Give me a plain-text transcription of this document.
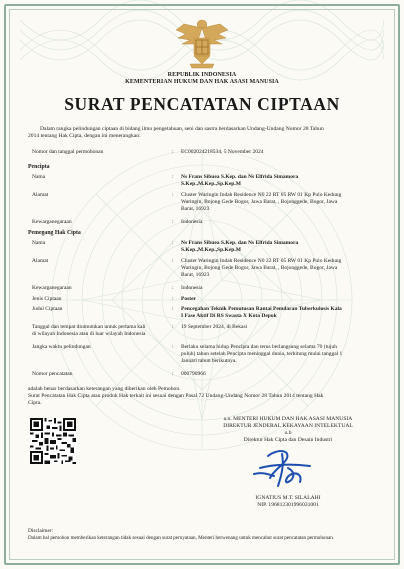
REPUBLIK INDONESIA
KEMENTERIAN HUKUM DAN HAK ASASI MANUSIA
SURAT PENCATATAN CIPTAAN
Dalam rangka pelindungan ciptaan di bidang ilmu pengetahuan, seni dan sastra berdasarkan Undang-Undang Nomor 28 Tahun
2014 tentang Hak Cipta, dengan ini menerangkan:
Nomor dan tanggal permohonan	: EC002024218534, 5 November 2024
Pencipta
Nama	: Ns Frans Sibuea S.Kep. dan Ns Elfrida Simamora
S.Kep.,M.Kep.,Sp.Kep.M
Alamat	: Cluster Waringin Indah Residence N0 22 RT 05 RW 01 Kp Pulo Kedung
Waringin, Bojong Gede Bogor, Jawa Barat, , Bojonggede, Bogor, Jawa
Barat, 16923
Kewarganegaraan	: Indonesia
Pemegang Hak Cipta
Nama	: Ns Frans Sibuea S.Kep. dan Ns Elfrida Simamora
S.Kep.,M.Kep.,Sp.Kep.M
Alamat	: Cluster Waringin Indah Residence N0 22 RT 05 RW 01 Kp Pulo Kedung
Waringin, Bojong Gede Bogor, Jawa Barat, , Bojonggede, Bogor, Jawa
Barat, 16923
Kewarganegaraan	: Indonesia
Jenis Ciptaan	: Poster
Judul Ciptaan	: Pencegahan Teknik Pemutusan Rantai Penularan Tuberkulosis Kala
I Fase Aktif Di RS Swasta X Kota Depok
Tanggal dan tempat diumumkan untuk pertama kali
di wilayah Indonesia atau di luar wilayah Indonesia
: 19 September 2024, di Bekasi
Jangka waktu pelindungan	: Berlaku selama hidup Pencipta dan terus berlangsung selama 70 (tujuh
puluh) tahun setelah Pencipta meninggal dunia, terhitung mulai tanggal 1
Januari tahun berikutnya.
Nomor pencatatan	: 000790966
adalah benar berdasarkan keterangan yang diberikan oleh Pemohon.
Surat Pencatatan Hak Cipta atau produk Hak terkait ini sesuai dengan Pasal 72 Undang-Undang Nomor 28 Tahun 2014 tentang Hak
Cipta.
a.n. MENTERI HUKUM DAN HAK ASASI MANUSIA
DIREKTUR JENDERAL KEKAYAAN INTELEKTUAL
u.b
Direktur Hak Cipta dan Desain Industri
IGNATIUS M.T. SILALAHI
NIP. 196812301996031001
Disclaimer:
Dalam hal pemohon memberikan keterangan tidak sesuai dengan surat pernyataan, Menteri berwenang untuk mencabut surat pencatatan permohonan.
